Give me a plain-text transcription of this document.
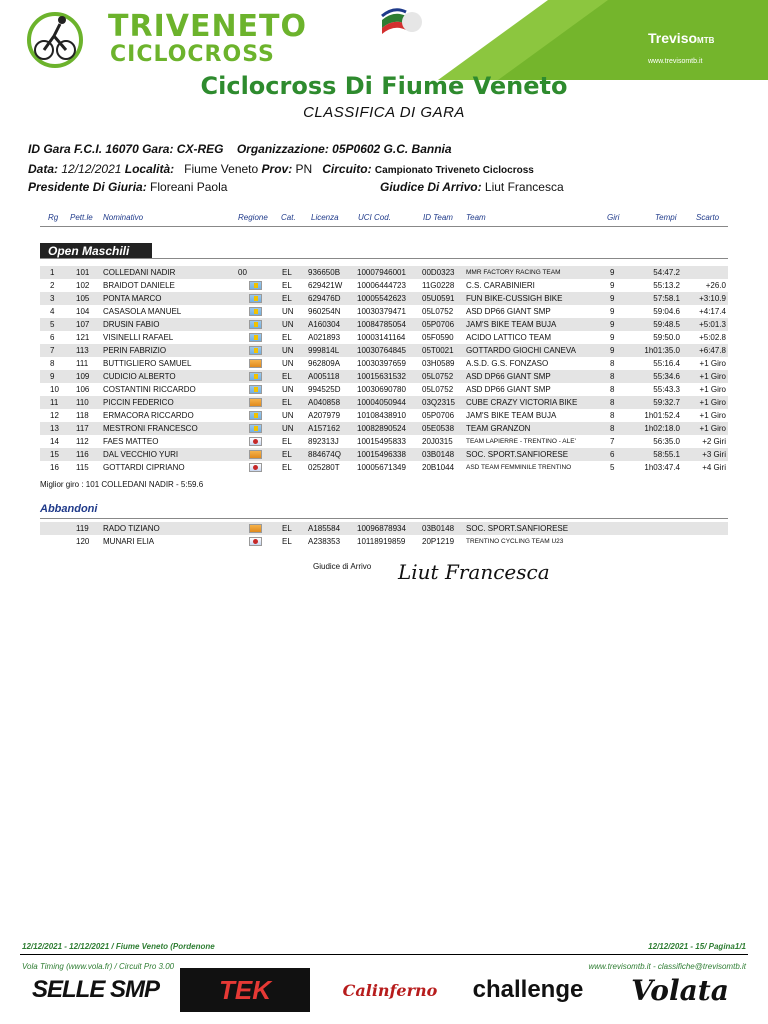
TRIVENETO
CICLOCROSS
TrevisoMTB
www.trevisomtb.it
Ciclocross Di Fiume Veneto
CLASSIFICA DI GARA
ID Gara F.C.I. 16070 Gara: CX-REG Organizzazione: 05P0602 G.C. Bannia
Data: 12/12/2021 Località: Fiume Veneto Prov: PN Circuito: Campionato Triveneto Ciclocross
Presidente Di Giuria: Floreani Paola	Giudice Di Arrivo: Liut Francesca
Rg Pett.le Nominativo	Regione Cat. Licenza UCI Cod.	ID Team Team	Giri	Tempi Scarto
Open Maschili
1	101 COLLEDANI NADIR	00	EL 936650B 10007946001 00D0323 MMR FACTORY RACING TEAM	9	54:47.2
2	102 BRAIDOT DANIELE	EL 629421W 10006444723 11G0228 C.S. CARABINIERI	9	55:13.2	+26.0
3	105 PONTA MARCO	EL 629476D 10005542623 05U0591 FUN BIKE-CUSSIGH BIKE	9	57:58.1 +3:10.9
4	104 CASASOLA MANUEL	UN 960254N 10030379471 05L0752 ASD DP66 GIANT SMP	9	59:04.6 +4:17.4
5	107 DRUSIN FABIO	UN A160304 10084785054 05P0706 JAM'S BIKE TEAM BUJA	9	59:48.5 +5:01.3
6	121 VISINELLI RAFAEL	EL A021893 10003141164 05F0590 ACIDO LATTICO TEAM	9	59:50.0 +5:02.8
7	113 PERIN FABRIZIO	UN 999814L 10030764845 05T0021 GOTTARDO GIOCHI CANEVA	9	1h01:35.0 +6:47.8
8	111 BUTTIGLIERO SAMUEL	UN 962809A 10030397659 03H0589 A.S.D. G.S. FONZASO	8	55:16.4 +1 Giro
9	109 CUDICIO ALBERTO	EL A005118 10015631532 05L0752 ASD DP66 GIANT SMP	8	55:34.6 +1 Giro
10 106 COSTANTINI RICCARDO	UN 994525D 10030690780 05L0752 ASD DP66 GIANT SMP	8	55:43.3 +1 Giro
11 110 PICCIN FEDERICO	EL A040858 10004050944 03Q2315 CUBE CRAZY VICTORIA BIKE	8	59:32.7 +1 Giro
12 118 ERMACORA RICCARDO	UN A207979 10108438910 05P0706 JAM'S BIKE TEAM BUJA	8	1h01:52.4 +1 Giro
13 117 MESTRONI FRANCESCO	UN A157162 10082890524 05E0538 TEAM GRANZON	8	1h02:18.0 +1 Giro
14 112 FAES MATTEO	EL 892313J 10015495833 20J0315 TEAM LAPIERRE - TRENTINO - ALE'	7	56:35.0	+2 Giri
15 116 DAL VECCHIO YURI	EL 884674Q 10015496338 03B0148 SOC. SPORT.SANFIORESE	6	58:55.1	+3 Giri
16 115 GOTTARDI CIPRIANO	EL 025280T 10005671349 20B1044 ASD TEAM FEMMINILE TRENTINO	5	1h03:47.4	+4 Giri
Miglior giro : 101 COLLEDANI NADIR - 5:59.6
Abbandoni
119 RADO TIZIANO	EL A185584 10096878934 03B0148 SOC. SPORT.SANFIORESE
120 MUNARI ELIA	EL A238353 10118919859 20P1219 TRENTINO CYCLING TEAM U23
Giudice di Arrivo Liut Francesca
12/12/2021 - 12/12/2021 / Fiume Veneto (Pordenone	12/12/2021 - 15/ Pagina1/1
Vola Timing (www.vola.fr) / Circuit Pro 3.00	www.trevisomtb.it - classifiche@trevisomtb.it
SELLE SMP	TEK	Calinferno	challenge	Volata
